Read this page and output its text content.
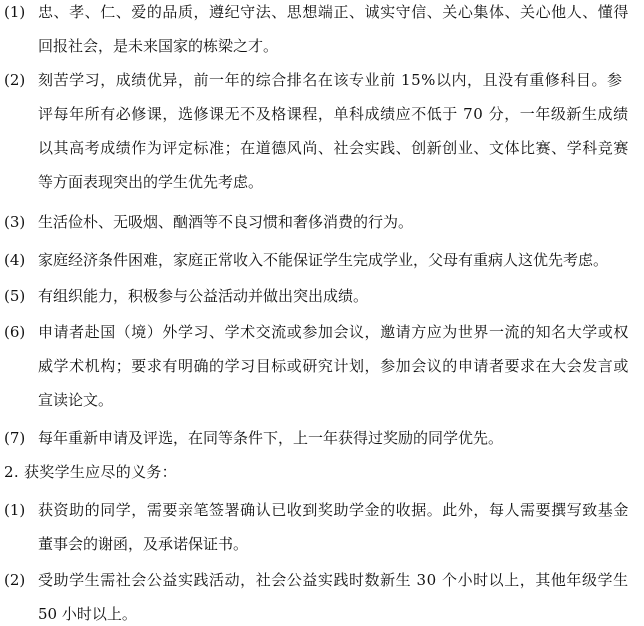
(1) 忠、孝、仁、爱的品质，遵纪守法、思想端正、诚实守信、关心集体、关心他人、懂得
回报社会，是未来国家的栋梁之才。
(2) 刻苦学习，成绩优异，前一年的综合排名在该专业前 15%以内，且没有重修科目。参
评每年所有必修课，选修课无不及格课程，单科成绩应不低于 70 分，一年级新生成绩
以其高考成绩作为评定标准；在道德风尚、社会实践、创新创业、文体比赛、学科竞赛
等方面表现突出的学生优先考虑。
(3) 生活俭朴、无吸烟、酗酒等不良习惯和奢侈消费的行为。
(4) 家庭经济条件困难，家庭正常收入不能保证学生完成学业，父母有重病人这优先考虑。
(5) 有组织能力，积极参与公益活动并做出突出成绩。
(6) 申请者赴国（境）外学习、学术交流或参加会议，邀请方应为世界一流的知名大学或权
威学术机构；要求有明确的学习目标或研究计划，参加会议的申请者要求在大会发言或
宣读论文。
(7) 每年重新申请及评选，在同等条件下，上一年获得过奖励的同学优先。
2. 获奖学生应尽的义务：
(1) 获资助的同学，需要亲笔签署确认已收到奖助学金的收据。此外，每人需要撰写致基金
董事会的谢函，及承诺保证书。
(2) 受助学生需社会公益实践活动，社会公益实践时数新生 30 个小时以上，其他年级学生
50 小时以上。
